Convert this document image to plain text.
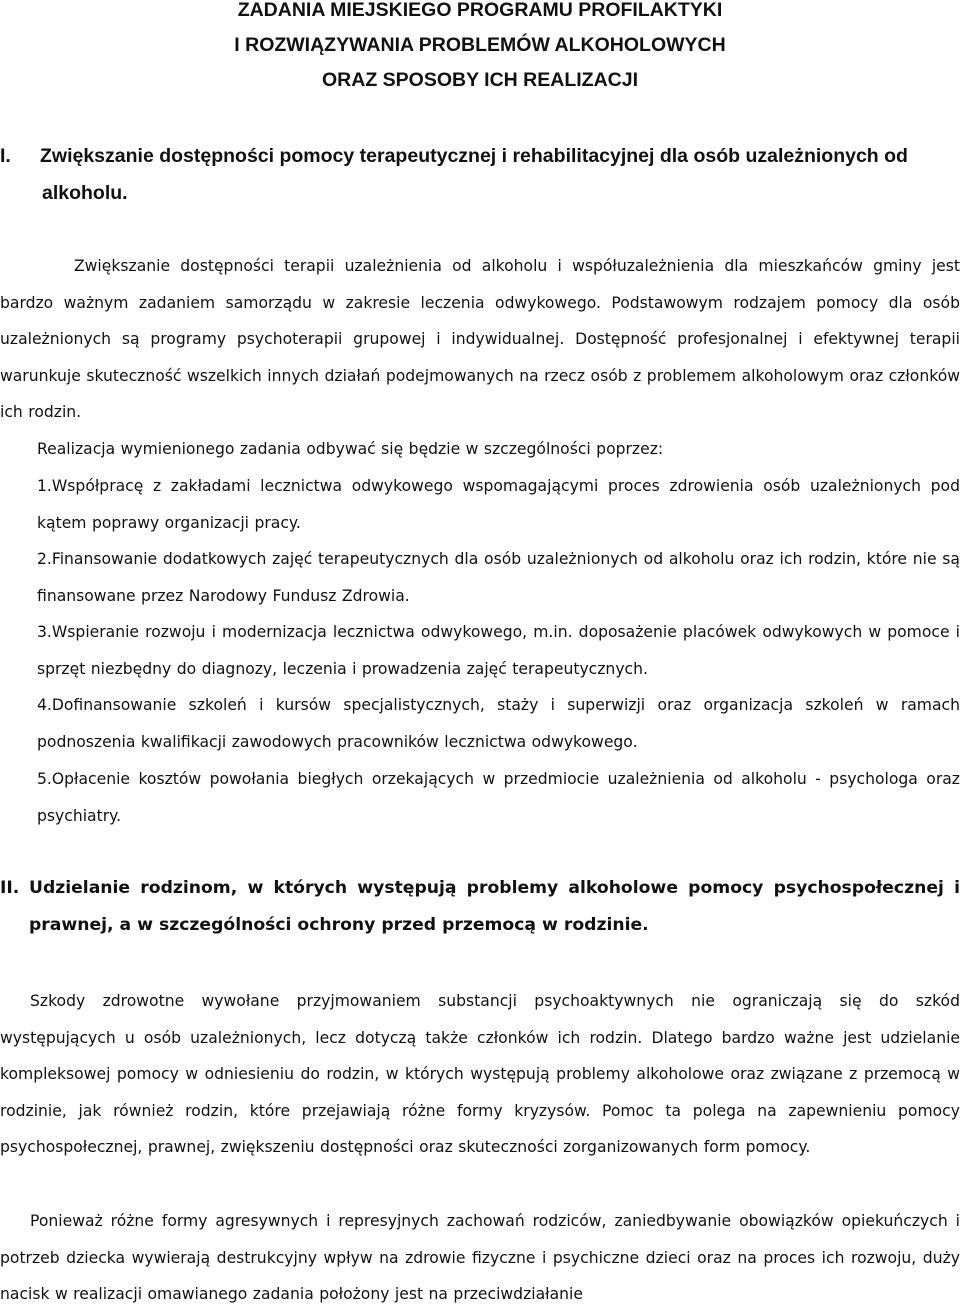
ZADANIA MIEJSKIEGO PROGRAMU PROFILAKTYKI
I ROZWIĄZYWANIA PROBLEMÓW ALKOHOLOWYCH
ORAZ SPOSOBY ICH REALIZACJI
I.	Zwiększanie dostępności pomocy terapeutycznej i rehabilitacyjnej dla osób uzależnionych od alkoholu.

Zwiększanie dostępności terapii uzależnienia od alkoholu i współuzależnienia dla mieszkańców gminy jest bardzo ważnym zadaniem samorządu w zakresie leczenia odwykowego. Podstawowym rodzajem pomocy dla osób uzależnionych są programy psychoterapii grupowej i indywidualnej. Dostępność profesjonalnej i efektywnej terapii warunkuje skuteczność wszelkich innych działań podejmowanych na rzecz osób z problemem alkoholowym oraz członków ich rodzin.

Realizacja wymienionego zadania odbywać się będzie w szczególności poprzez:

1.Współpracę z zakładami lecznictwa odwykowego wspomagającymi proces zdrowienia osób uzależnionych pod kątem poprawy organizacji pracy.

2.Finansowanie dodatkowych zajęć terapeutycznych dla osób uzależnionych od alkoholu oraz ich rodzin, które nie są finansowane przez Narodowy Fundusz Zdrowia.

3.Wspieranie rozwoju i modernizacja lecznictwa odwykowego, m.in. doposażenie placówek odwykowych w pomoce i sprzęt niezbędny do diagnozy, leczenia i prowadzenia zajęć terapeutycznych.

4.Dofinansowanie szkoleń i kursów specjalistycznych, staży i superwizji oraz organizacja szkoleń w ramach podnoszenia kwalifikacji zawodowych pracowników lecznictwa odwykowego.

5.Opłacenie kosztów powołania biegłych orzekających w przedmiocie uzależnienia od alkoholu - psychologa oraz psychiatry.

II. Udzielanie rodzinom, w których występują problemy alkoholowe pomocy psychospołecznej i prawnej, a w szczególności ochrony przed przemocą w rodzinie.

Szkody zdrowotne wywołane przyjmowaniem substancji psychoaktywnych nie ograniczają się do szkód występujących u osób uzależnionych, lecz dotyczą także członków ich rodzin. Dlatego bardzo ważne jest udzielanie kompleksowej pomocy w odniesieniu do rodzin, w których występują problemy alkoholowe oraz związane z przemocą w rodzinie, jak również rodzin, które przejawiają różne formy kryzysów. Pomoc ta polega na zapewnieniu pomocy psychospołecznej, prawnej, zwiększeniu dostępności oraz skuteczności zorganizowanych form pomocy.

Ponieważ różne formy agresywnych i represyjnych zachowań rodziców, zaniedbywanie obowiązków opiekuńczych i potrzeb dziecka wywierają destrukcyjny wpływ na zdrowie fizyczne i psychiczne dzieci oraz na proces ich rozwoju, duży nacisk w realizacji omawianego zadania położony jest na przeciwdziałanie
